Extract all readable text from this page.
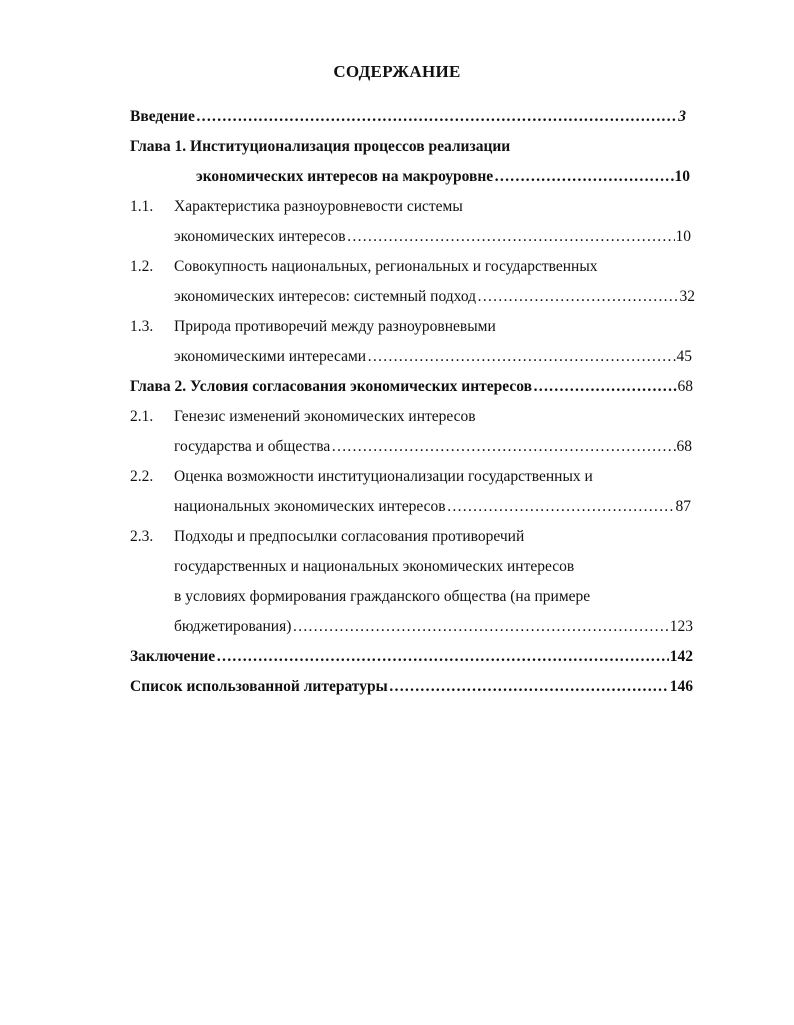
СОДЕРЖАНИЕ
Введение ………………………………………………………………………………………………………………………………………………………………	3
Глава 1. Институционализация процессов реализации
экономических интересов на макроуровне ………………………………………………………………………………………………………………………………………………………………	10
1.1.	Характеристика разноуровневости системы
экономических интересов ………………………………………………………………………………………………………………………………………………………………	10
1.2.	Совокупность национальных, региональных и государственных
экономических интересов: системный подход ………………………………………………………………………………………………………………………………………………………………	32
1.3.	Природа противоречий между разноуровневыми
экономическими интересами ………………………………………………………………………………………………………………………………………………………………	45
Глава 2. Условия согласования экономических интересов ………………………………………………………………………………………………………………………………………………………………	68
2.1.	Генезис изменений экономических интересов
государства и общества ………………………………………………………………………………………………………………………………………………………………	68
2.2.	Оценка возможности институционализации государственных и
национальных экономических интересов ………………………………………………………………………………………………………………………………………………………………	87
2.3.	Подходы и предпосылки согласования противоречий
государственных и национальных экономических интересов
в условиях формирования гражданского общества (на примере
бюджетирования) ………………………………………………………………………………………………………………………………………………………………	123
Заключение ………………………………………………………………………………………………………………………………………………………………	142
Список использованной литературы ………………………………………………………………………………………………………………………………………………………………	146
